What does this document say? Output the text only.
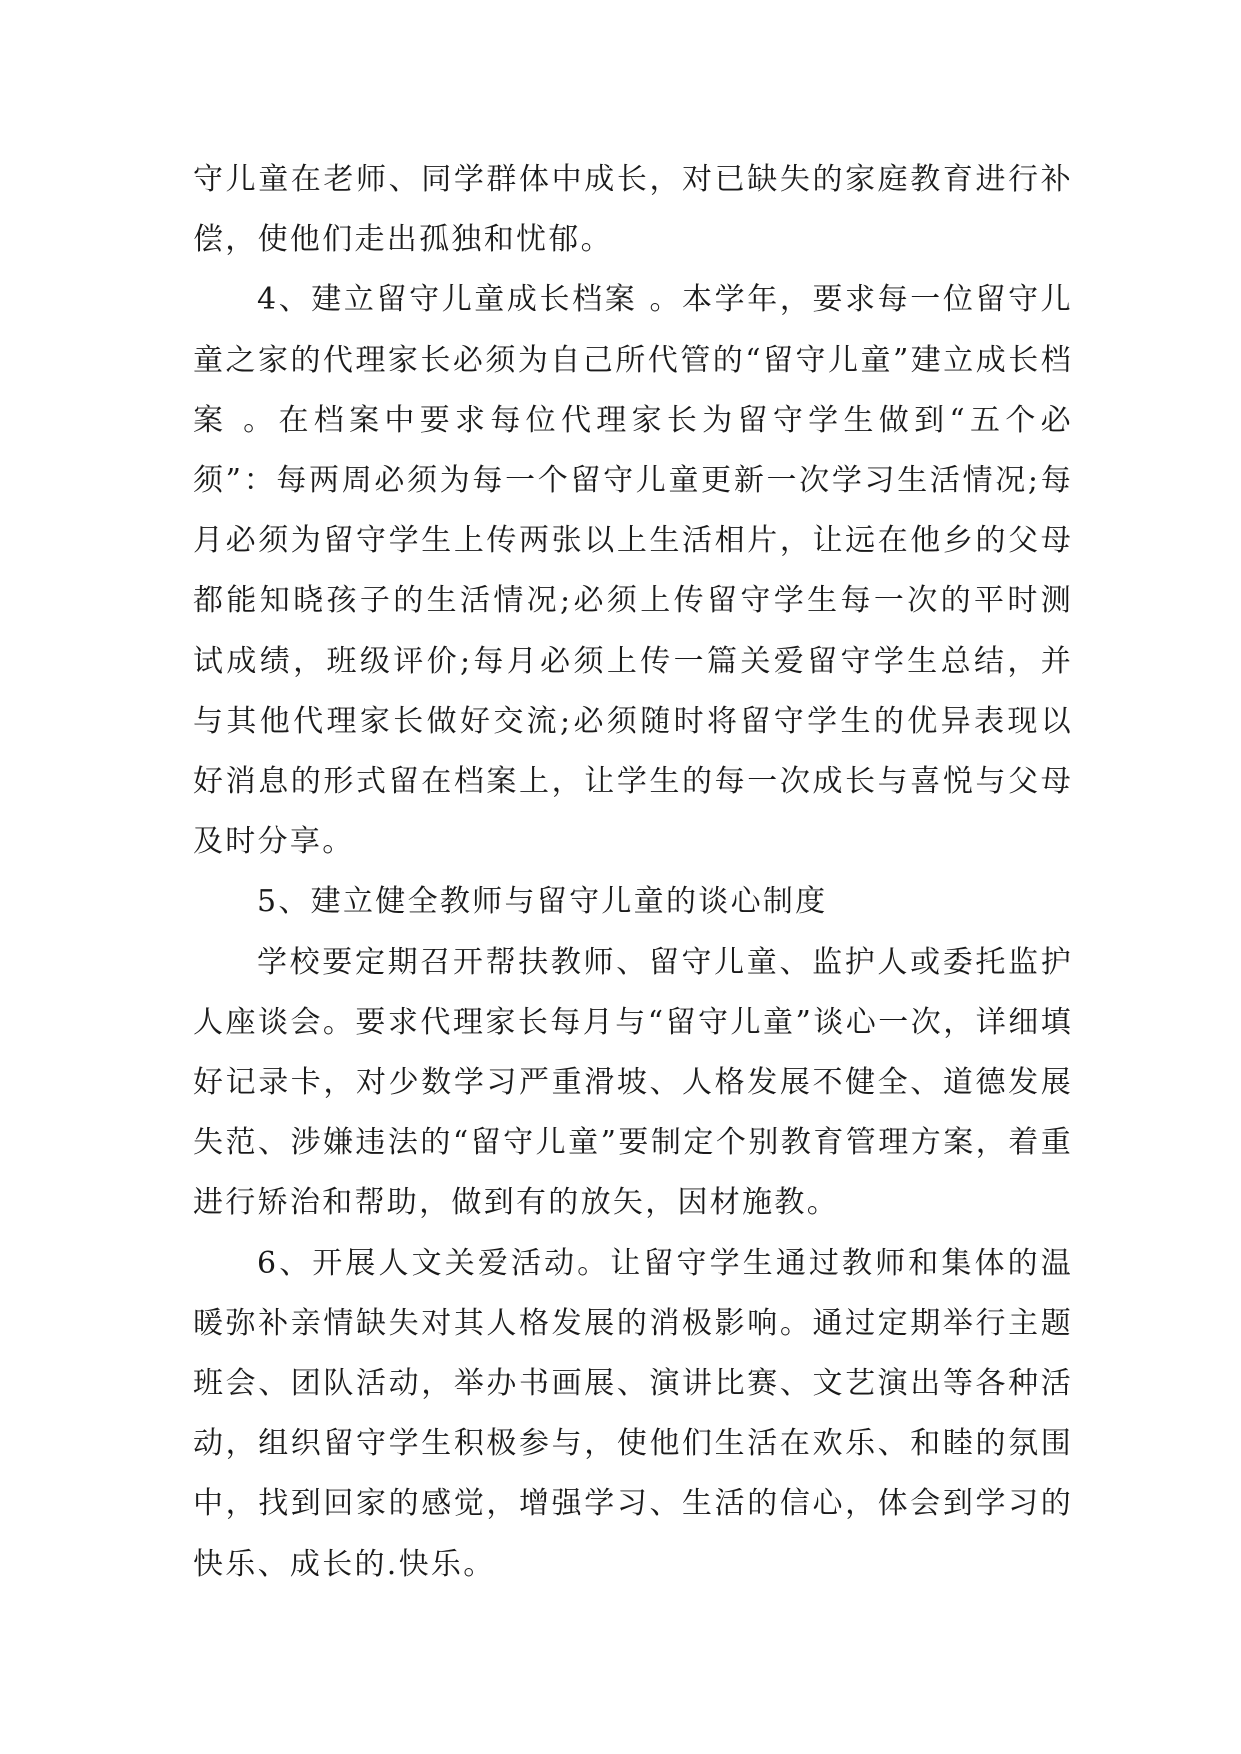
守儿童在老师、同学群体中成长，对已缺失的家庭教育进行补偿，使他们走出孤独和忧郁。

4、建立留守儿童成长档案 。本学年，要求每一位留守儿童之家的代理家长必须为自己所代管的“留守儿童”建立成长档案 。在档案中要求每位代理家长为留守学生做到“五个必须”：每两周必须为每一个留守儿童更新一次学习生活情况;每月必须为留守学生上传两张以上生活相片，让远在他乡的父母都能知晓孩子的生活情况;必须上传留守学生每一次的平时测试成绩，班级评价;每月必须上传一篇关爱留守学生总结，并与其他代理家长做好交流;必须随时将留守学生的优异表现以好消息的形式留在档案上，让学生的每一次成长与喜悦与父母及时分享。

5、建立健全教师与留守儿童的谈心制度

学校要定期召开帮扶教师、留守儿童、监护人或委托监护人座谈会。要求代理家长每月与“留守儿童”谈心一次，详细填好记录卡，对少数学习严重滑坡、人格发展不健全、道德发展失范、涉嫌违法的“留守儿童”要制定个别教育管理方案，着重进行矫治和帮助，做到有的放矢，因材施教。

6、开展人文关爱活动。让留守学生通过教师和集体的温暖弥补亲情缺失对其人格发展的消极影响。通过定期举行主题班会、团队活动，举办书画展、演讲比赛、文艺演出等各种活动，组织留守学生积极参与，使他们生活在欢乐、和睦的氛围中，找到回家的感觉，增强学习、生活的信心，体会到学习的快乐、成长的.快乐。
